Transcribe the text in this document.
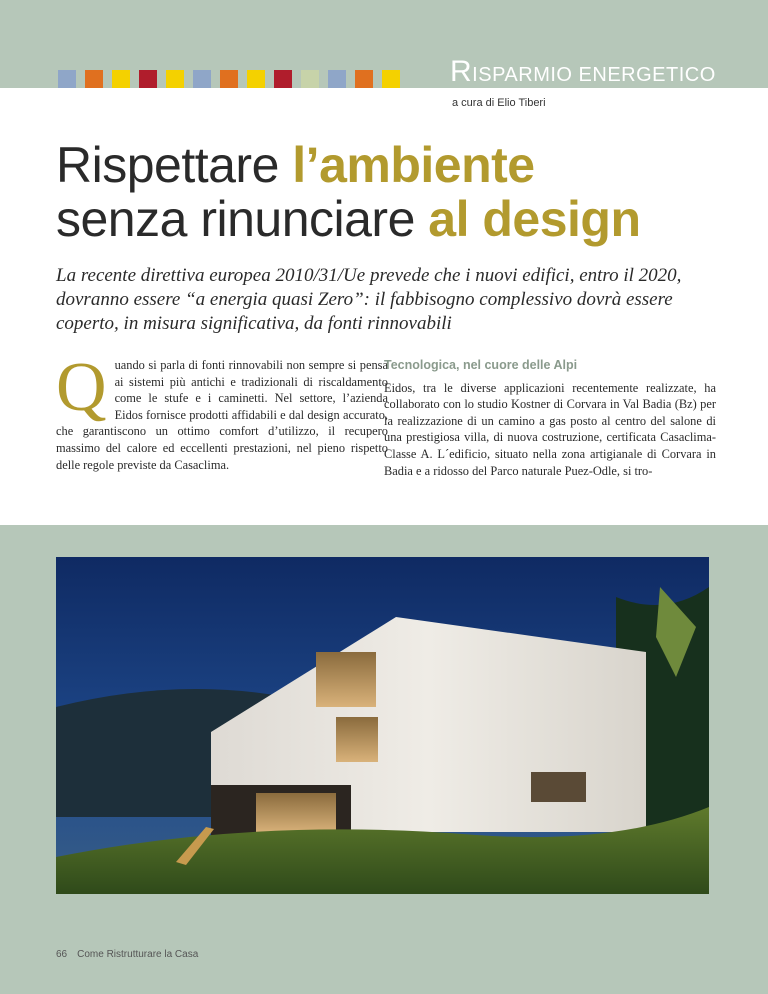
RISPARMIO ENERGETICO
a cura di Elio Tiberi
Rispettare l’ambiente
senza rinunciare al design

La recente direttiva europea 2010/31/Ue prevede che i nuovi edifici, entro il 2020, dovranno essere “a energia quasi Zero”: il fabbisogno complessivo dovrà essere coperto, in misura significativa, da fonti rinnovabili

Q uando si parla di fonti rinnovabili non sempre si pensa ai sistemi più antichi e tradizionali di riscaldamento come le stufe e i caminetti. Nel settore, l’azienda Eidos fornisce prodotti affidabili e dal design accurato, che garantiscono un ottimo comfort d’utilizzo, il recupero massimo del calore ed eccellenti prestazioni, nel pieno rispetto delle regole previste da Casaclima.

Tecnologica, nel cuore delle Alpi

Eidos, tra le diverse applicazioni recentemente realizzate, ha collaborato con lo studio Kostner di Corvara in Val Badia (Bz) per la realizzazione di un camino a gas posto al centro del salone di una prestigiosa villa, di nuova costruzione, certificata Casaclima-Classe A. L´edificio, situato nella zona artigianale di Corvara in Badia e a ridosso del Parco naturale Puez-Odle, si tro-

66 Come Ristrutturare la Casa
